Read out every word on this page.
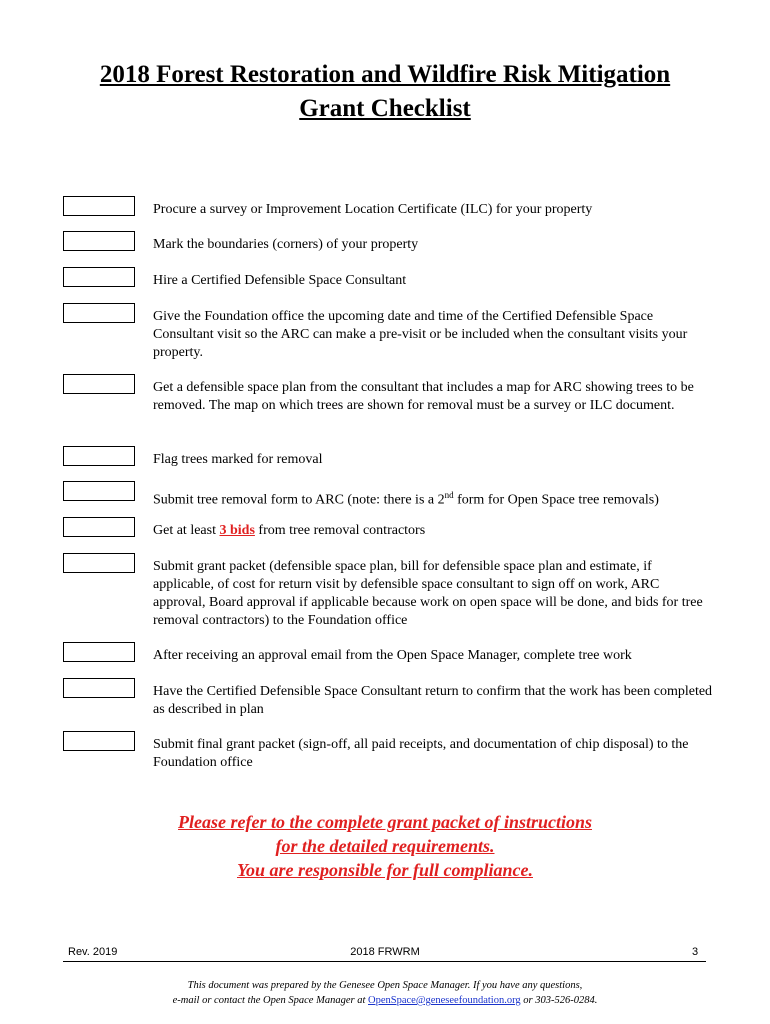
2018 Forest Restoration and Wildfire Risk Mitigation
Grant Checklist
Procure a survey or Improvement Location Certificate (ILC) for your property
Mark the boundaries (corners) of your property
Hire a Certified Defensible Space Consultant
Give the Foundation office the upcoming date and time of the Certified Defensible Space Consultant visit so the ARC can make a pre-visit or be included when the consultant visits your property.
Get a defensible space plan from the consultant that includes a map for ARC showing trees to be removed. The map on which trees are shown for removal must be a survey or ILC document.
Flag trees marked for removal
Submit tree removal form to ARC (note: there is a 2nd form for Open Space tree removals)
Get at least 3 bids from tree removal contractors
Submit grant packet (defensible space plan, bill for defensible space plan and estimate, if applicable, of cost for return visit by defensible space consultant to sign off on work, ARC approval, Board approval if applicable because work on open space will be done, and bids for tree removal contractors) to the Foundation office
After receiving an approval email from the Open Space Manager, complete tree work
Have the Certified Defensible Space Consultant return to confirm that the work has been completed as described in plan
Submit final grant packet (sign-off, all paid receipts, and documentation of chip disposal) to the Foundation office
Please refer to the complete grant packet of instructions
for the detailed requirements.
You are responsible for full compliance.
Rev. 2019	2018 FRWRM	3
This document was prepared by the Genesee Open Space Manager. If you have any questions,
e-mail or contact the Open Space Manager at OpenSpace@geneseefoundation.org or 303-526-0284.
